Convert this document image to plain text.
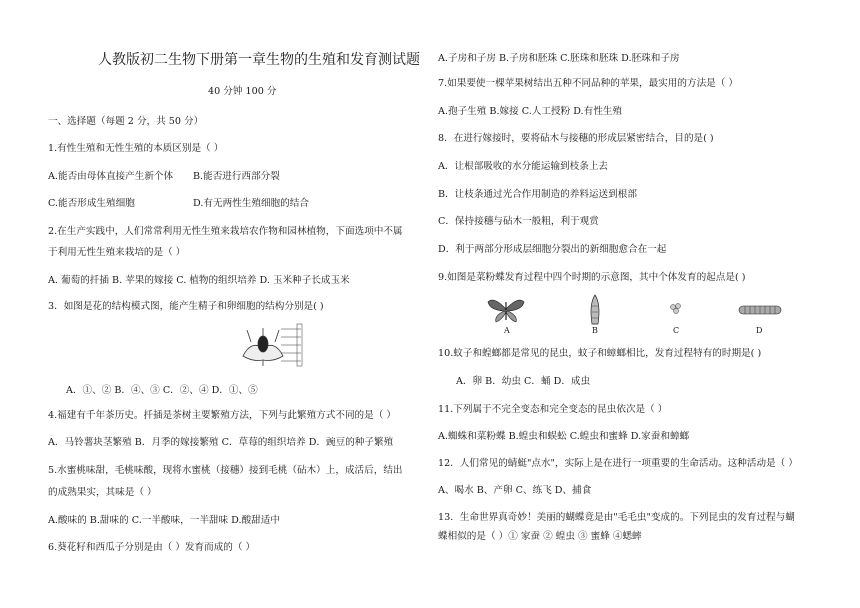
人教版初二生物下册第一章生物的生殖和发育测试题
40 分钟 100 分
一、选择题（每题 2 分，共 50 分）
1.有性生殖和无性生殖的本质区别是（ ）
A.能否由母体直接产生新个体 B.能否进行西部分裂
C.能否形成生殖细胞	D.有无两性生殖细胞的结合
2.在生产实践中，人们常常利用无性生殖来栽培农作物和园林植物，下面选项中不属
于利用无性生殖来栽培的是（ ）
A. 葡萄的扦插 B. 苹果的嫁接 C. 植物的组织培养 D. 玉米种子长成玉米
3．如图是花的结构模式图，能产生精子和卵细胞的结构分别是( )
A．①、② B．④、③ C．②、④ D．①、⑤
4.福建有千年茶历史。扦插是茶树主要繁殖方法，下列与此繁殖方式不同的是（ ）
A．马铃薯块茎繁殖 B．月季的嫁接繁殖 C．草莓的组织培养 D．豌豆的种子繁殖
5.水蜜桃味甜，毛桃味酸，现将水蜜桃（接穗）接到毛桃（砧木）上，成活后，结出
的成熟果实，其味是（ ）
A.酸味的 B.甜味的 C.一半酸味，一半甜味 D.酸甜适中
6.葵花籽和西瓜子分别是由（ ）发育而成的（ ）
A.子房和子房 B.子房和胚珠 C.胚珠和胚珠 D.胚珠和子房
7.如果要使一棵苹果树结出五种不同品种的苹果，最实用的方法是（ ）
A.孢子生殖 B.嫁接 C.人工授粉 D.有性生殖
8．在进行嫁接时，要将砧木与接穗的形成层紧密结合，目的是( )
A．让根部吸收的水分能运输到枝条上去
B．让枝条通过光合作用制造的养料运送到根部
C．保持接穗与砧木一般粗，利于观赏
D．利于两部分形成层细胞分裂出的新细胞愈合在一起
9.如图是菜粉蝶发育过程中四个时期的示意图，其中个体发育的起点是( )
A	B	C	D
10.蚊子和蝗螂都是常见的昆虫，蚊子和蟑螂相比，发育过程特有的时期是( )
A．卵 B．幼虫 C．蛹 D．成虫
11.下列属于不完全变态和完全变态的昆虫依次是（ ）
A.蜘蛛和菜粉蝶 B.蝗虫和蜈蚣 C.蝗虫和蜜蜂 D.家蚕和蟑螂
12．人们常见的蜻蜓"点水"，实际上是在进行一项重要的生命活动。这种活动是（ ）
A、喝水 B、产卵 C、练飞 D、捕食
13．生命世界真奇妙！美丽的蝴蝶竟是由"毛毛虫"变成的。下列昆虫的发育过程与蝴
蝶相似的是（ ）① 家蚕 ② 蝗虫 ③ 蜜蜂 ④蟋蟀
